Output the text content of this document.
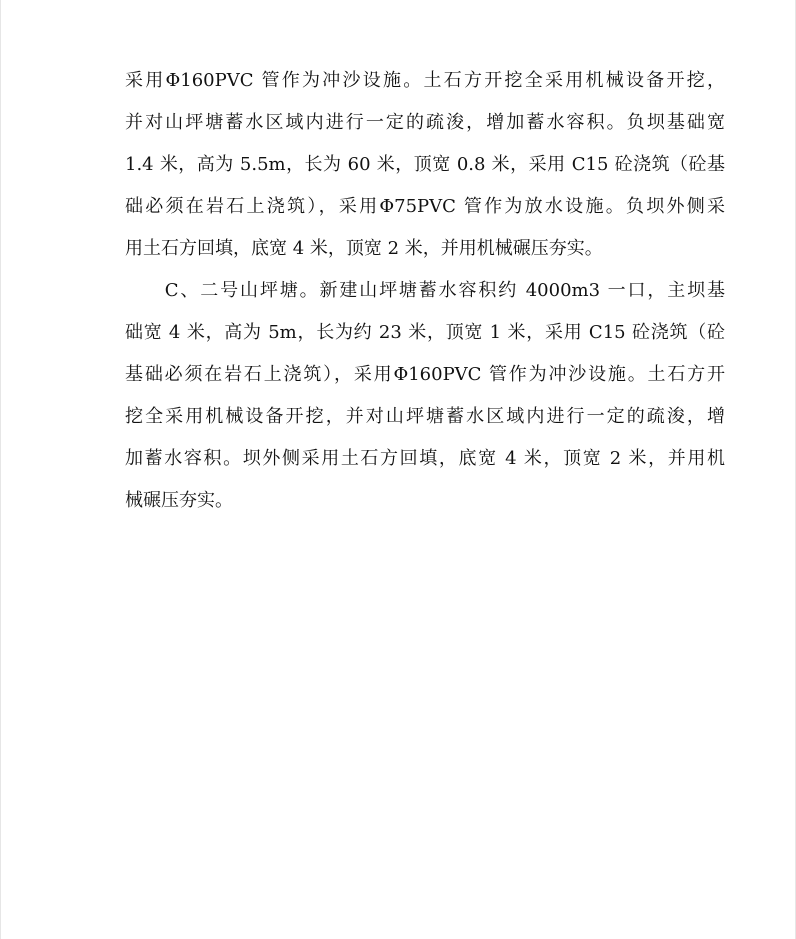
采用Φ160PVC 管作为冲沙设施。土石方开挖全采用机械设备开挖，
并对山坪塘蓄水区域内进行一定的疏浚，增加蓄水容积。负坝基础宽
1.4 米，高为 5.5m，长为 60 米，顶宽 0.8 米，采用 C15 砼浇筑（砼基
础必须在岩石上浇筑），采用Φ75PVC 管作为放水设施。负坝外侧采
用土石方回填，底宽 4 米，顶宽 2 米，并用机械碾压夯实。
　　C、二号山坪塘。新建山坪塘蓄水容积约 4000m3 一口，主坝基
础宽 4 米，高为 5m，长为约 23 米，顶宽 1 米，采用 C15 砼浇筑（砼
基础必须在岩石上浇筑），采用Φ160PVC 管作为冲沙设施。土石方开
挖全采用机械设备开挖，并对山坪塘蓄水区域内进行一定的疏浚，增
加蓄水容积。坝外侧采用土石方回填，底宽 4 米，顶宽 2 米，并用机
械碾压夯实。
